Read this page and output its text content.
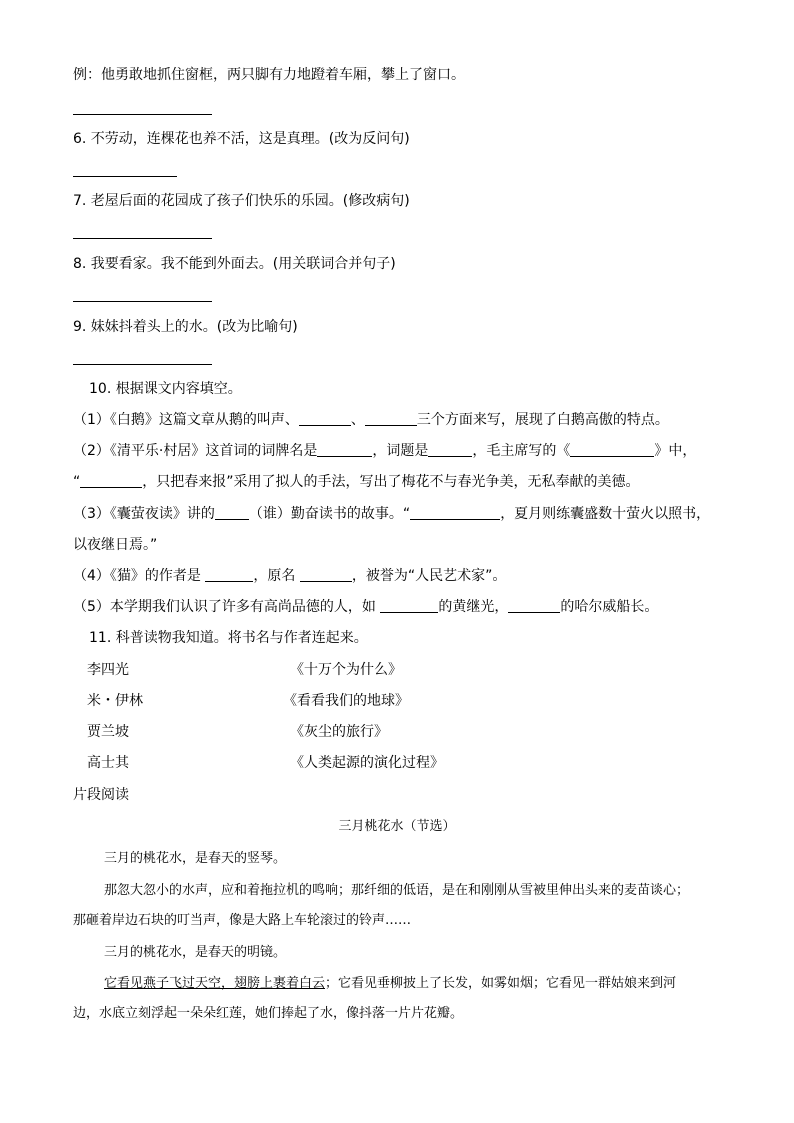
例：他勇敢地抓住窗框，两只脚有力地蹬着车厢，攀上了窗口。
6. 不劳动，连棵花也养不活，这是真理。(改为反问句)
7. 老屋后面的花园成了孩子们快乐的乐园。(修改病句)
8. 我要看家。我不能到外面去。(用关联词合并句子)
9. 妹妹抖着头上的水。(改为比喻句)
10. 根据课文内容填空。
（1）《白鹅》这篇文章从鹅的叫声、	、	三个方面来写，展现了白鹅高傲的特点。
（2）《清平乐·村居》这首词的词牌名是	，词题是	，毛主席写的《	》中，
“	，只把春来报”采用了拟人的手法，写出了梅花不与春光争美，无私奉献的美德。
（3）《囊萤夜读》讲的 （谁）勤奋读书的故事。“	，夏月则练囊盛数十萤火以照书，
以夜继日焉。”
（4）《猫》的作者是	，原名	，被誉为“人民艺术家”。
（5）本学期我们认识了许多有高尚品德的人，如	的黄继光，	的哈尔威船长。
11. 科普读物我知道。将书名与作者连起来。
李四光	《十万个为什么》
米・伊林	《看看我们的地球》
贾兰坡	《灰尘的旅行》
高士其	《人类起源的演化过程》
片段阅读
三月桃花水（节选）
三月的桃花水，是春天的竖琴。
那忽大忽小的水声，应和着拖拉机的鸣响；那纤细的低语，是在和刚刚从雪被里伸出头来的麦苗谈心；
那砸着岸边石块的叮当声，像是大路上车轮滚过的铃声……
三月的桃花水，是春天的明镜。
它看见燕子飞过天空，翅膀上裹着白云；它看见垂柳披上了长发，如雾如烟；它看见一群姑娘来到河
边，水底立刻浮起一朵朵红莲，她们捧起了水，像抖落一片片花瓣。
